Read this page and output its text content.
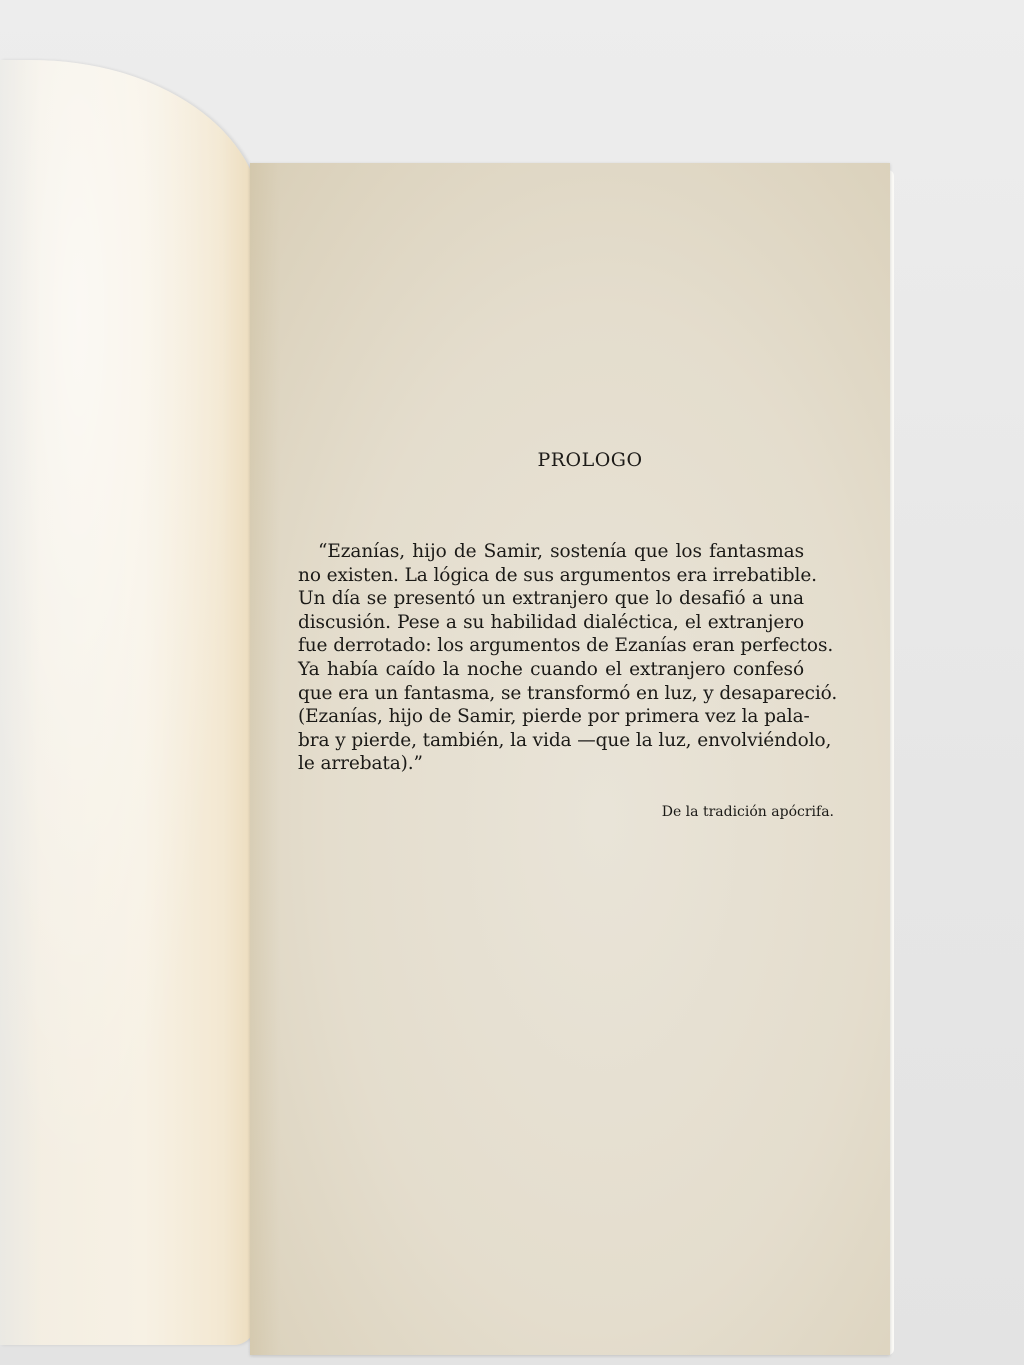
PROLOGO
“Ezanías, hijo de Samir, sostenía que los fantasmas
no existen. La lógica de sus argumentos era irrebatible.
Un día se presentó un extranjero que lo desafió a una
discusión. Pese a su habilidad dialéctica, el extranjero
fue derrotado: los argumentos de Ezanías eran perfectos.
Ya había caído la noche cuando el extranjero confesó
que era un fantasma, se transformó en luz, y desapareció.
(Ezanías, hijo de Samir, pierde por primera vez la pala-
bra y pierde, también, la vida —que la luz, envolviéndolo,
le arrebata).”
De la tradición apócrifa.
